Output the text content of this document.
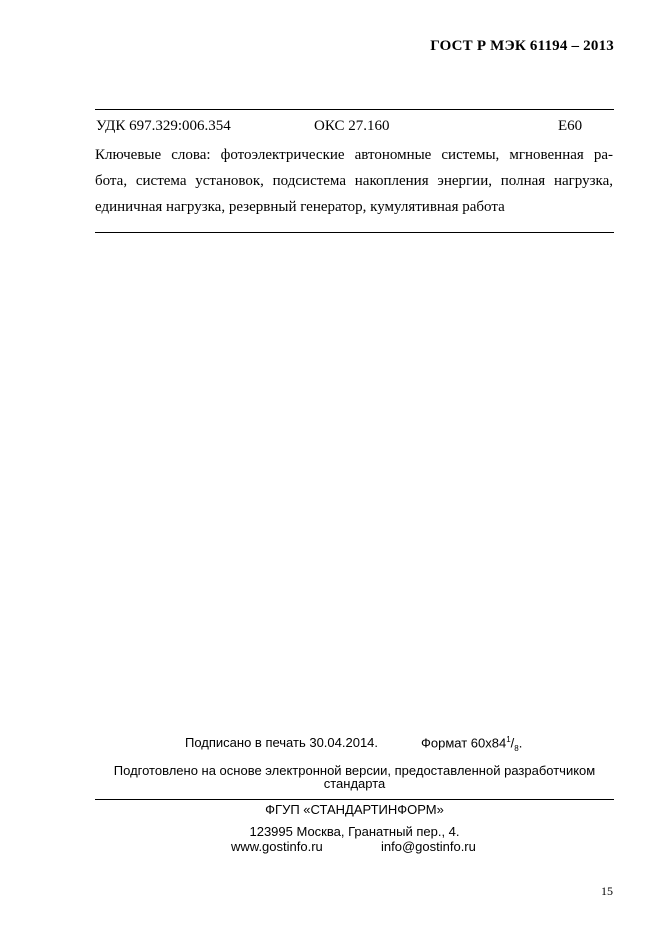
ГОСТ Р МЭК 61194 – 2013
УДК 697.329:006.354	ОКС 27.160	Е60
Ключевые слова: фотоэлектрические автономные системы, мгновенная ра-
бота, система установок, подсистема накопления энергии, полная нагрузка,
единичная нагрузка, резервный генератор, кумулятивная работа
Подписано в печать 30.04.2014.	Формат $60x84^1/_8$.
Подготовлено на основе электронной версии, предоставленной разработчиком
стандарта
ФГУП «СТАНДАРТИНФОРМ»
123995 Москва, Гранатный пер., 4.
www.gostinfo.ru	info@gostinfo.ru
15
